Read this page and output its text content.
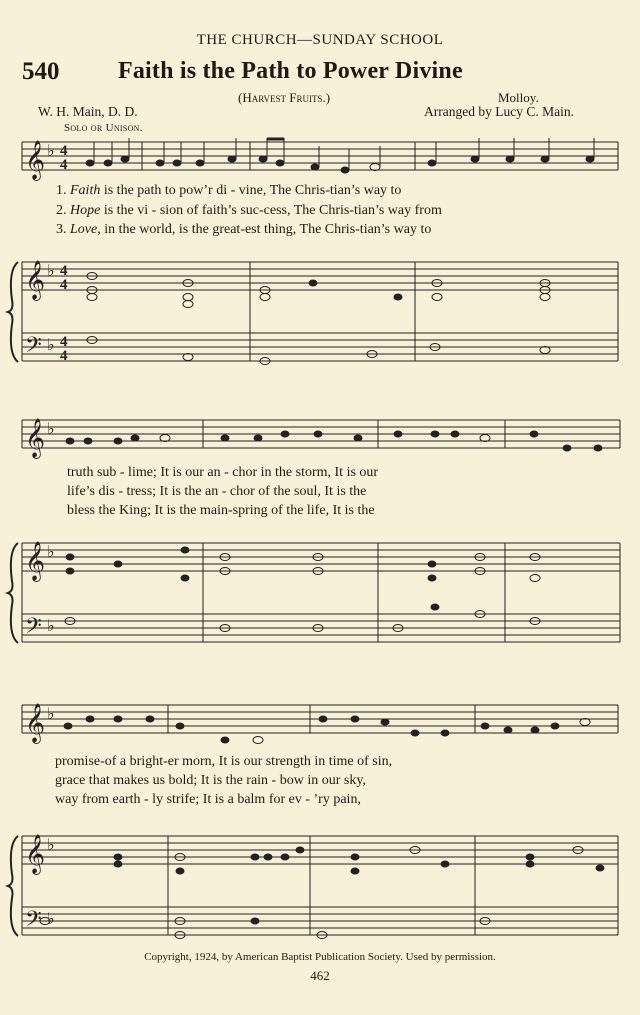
THE CHURCH—SUNDAY SCHOOL
540 Faith is the Path to Power Divine
(Harvest Fruits.)	Molloy.
W. H. Main, D. D.	Arranged by Lucy C. Main.
Solo or Unison.
𝄞
𝄞
𝄢
𝄞
𝄞
𝄢
𝄞
𝄞
𝄢
♭
♭
♭
♭
♭
♭
♭
♭
♭
4
4
4
4
4
4
1. Faith is the path to pow’r di - vine, The Chris-tian’s way to
2. Hope is the vi - sion of faith’s suc-cess, The Chris-tian’s way from
3. Love, in the world, is the great-est thing, The Chris-tian’s way to
truth sub - lime; It is our an - chor in the storm, It is our
life’s dis - tress; It is the an - chor of the soul, It is the
bless the King; It is the main-spring of the life, It is the
promise-of a bright-er morn, It is our strength in time of sin,
grace that makes us bold; It is the rain - bow in our sky,
way from earth - ly strife; It is a balm for ev - ’ry pain,
Copyright, 1924, by American Baptist Publication Society. Used by permission.
462
